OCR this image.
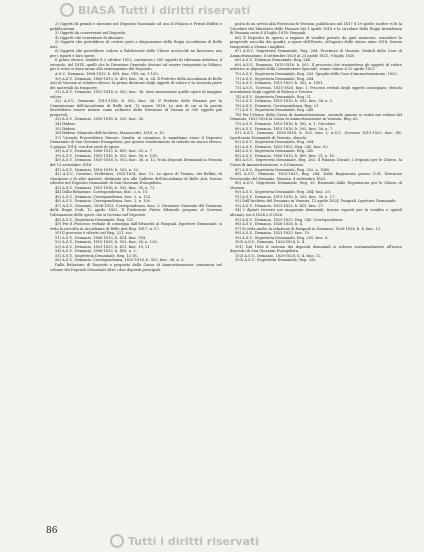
BIASA Tutti i diritti riservati

2) Oggetti di grandi e mezzani nel Deposito Nazionale ad uso di Palazzo e Privati Edifizi e pubblicazioni.

3) Oggetti da conservarsi nel Deposito.

4) Oggetti che convenisse di alienare.

5) Oggetti che potrebbero di cedere però a disposizione della Regia Accademia di Belle Arti.

6) Oggetti che potrebbero cedere a Fabbricerie delle Chiese acciocchè ne facessero uso per i riparti e loro opere.

Il primo elenco, redatto il 2 ottobre 1813, conteneva i 300 oggetti di rilevanza artistica; il secondo, del 1814, quelli che la Direzione Generale destinò ad essere trasportati in Milano; per il resto si dava mano alla sistemazione del Deposito.

A.S.V., Demanio, 1806-1813, b. 409, fasc. VIII, nn. 1-130.

30) A.S.V., Demanio, 1806-1813, b. 409, fasc. 36, n. 24. Il Prefetto della Accademia di Belle Arti di Venezia al relativo elenco: la prima divisione degli oggetti di valore e la seconda parte dei materiali da trasporre.

31) A.S.V., Demanio, 1815-1816, b. 502, fasc. 36. Sono menzionate quelle opere di maggior valore.

32) A.S.V., Demanio, 1815-1816, b. 502, fasc. 36. Il Prefetto delle Finanze per la Commissione dell'Accademia di Belle Arti, 12 marzo 1816. Le Arti di cui si fa parola dovrebbero essere inviate come richieste della Direzione di Vienna ai 300 oggetti più pregevoli.

33) A.S.V., Demanio, 1816-1818, b. 503, fasc. 36.

34) Ibidem.

35) Ibidem.

36) Ibidem. Memoria dell'Archivio, Manoscritti, 1816, n. 10.

37) Vicende Provveditore Dimore. Quadri, in cammino, lo mandiamo verso il Deposito Demaniale di San Giovanni Evangelista; per questo trasferimento fu redatto un nuovo elenco, 5 giugno 1814, con due serie di opere.

38) A.S.V., Demanio, 1806-1813, b. 409, fasc. 30, n. 7.

39) A.S.V., Demanio, 1815-1816, b. 502, fasc. 36, n. 138.

40) A.S.V., Demanio, 1815-1816, b. 502, fasc. 36, n. 12. Nota Depositi Demaniali in Venezia del 12 settembre 1816.

41) A.S.V., Demanio, 1816-1818, b. 503, n. 52.

42) A.S.V., Governo, Prefettura, 1823-1824, fasc. 12. Le opere di Tiziano, dei Bellini, di Giorgione e di altri maestri, destinate ora alle Gallerie dell'Accademia di Belle Arti, furono rilevate nel Deposito Demaniale di San Giovanni Evangelista.

43) A.S.V., Demanio, 1815-1816, b. 502, fasc. 36, n. 71.

44) Dalla Relazione, Corrispondenza, fasc. 2, n. 15.

45) A.S.V., Demanio, Corrispondenza, fasc. 2, n. 125.

46) A.S.V., Demanio, Corrispondenza, fasc. 2, n. 100.

47) A.S.V., Demanio, 1806-1813, Corrispondenza, fasc. 3. Direzione Generale del Demanio delle Regie Sedi, 12 aprile 1822. Il Professore Pietro Edwards propone al Governo l'alienazione delle opere che si trovano nel Deposito.

48) A.S.V., Segreteria Demaniale, Reg. 321.

49) Per il Processo verbale di consegna dall'Edwards al Pasquali, Ispettore Demaniale, si veda la raccolta in Accademia di Belle Arti Reg. 1817, n. 57.

50) Il processo è riferito nel Reg. 221, ecc.

51) A.S.V., Demanio, 1806-1813, b. 414, fasc. VIII.

52) A.S.V., Demanio, 1815-1816, b. 502, fasc. 36, n. 128.

53) A.S.V., Demanio, 1823-1825, b. 411, fasc. 19, 21.

54) A.S.V., Demanio, 1806-1813, b. 409, n. 2.

55) A.S.V., Segreteria Demaniale, Reg. 12-18.

56) A.S.V., Demanio, Corrispondenza, 1815-1816, b. 502, fasc. 36, n. 3.

Dalla Relazione di Depositi e proposta della Cassa di Ammortizzazione contenuta nel volume dei Depositi Demaniali oltre i due depositi principali.

posta di un avviso alla Provincia di Venezia, pubblicato nel 1817 il 29 aprile; inoltre vi fu la Circolare del Ministero delle Finanze dei 1 aprile 1818 e la circolare della Regia Intendenza di Finanza sotto il 4 luglio 1818: Pasquali.

66) Il Deposito fu aperto a ragione di vendite private da quel momento, essendovi la pregevole raccolta dei quadri; a spese dell'Erario, all'agosto dello stesso anno 1818, furono trasportati a Vienna i migliori.

67) A.S.V., Segreteria Demaniale, Reg. 264. Provincia di Venezia. Moduli delle Case di Ammortizzazione, 4 settembre 1820 al 23 aprile 1821, 9 luglio 1820.

68) A.S.V., Demanio Demaniale, Reg. 246.

69) A.S.V., Demanio, 1815-1816, b. 502. Il processo che trasmetteva gli oggetti di valore artistico ai depositi della Commissione Speciale, venne chiuso il 22 aprile 1823.

70) A.S.V., Segreteria Demaniale, Reg. 263. Spoglio delle Case d'Ammortizzazione, 1823.

71) A.S.V., Segreteria Demaniale, Reg. 264.

72) A.S.V., Demanio, 1815-1820, b. 502, n. 1891.

73) A.S.V., Governo, 1815-1820, fasc. I. Processi verbali degli oggetti consegnati; elenchi inventariati degli oggetti di Padova e Treviso.

74) A.S.V., Segreteria Demaniale, Reg. 21.

75) A.S.V., Demanio, 1815-1816, b. 502, fasc. 36, n. 2.

76) A.S.V., Demanio, Corrispondenza, Reg. 21.

77) A.S.V., Segreteria Demaniale, Reg. 248.

78) Per l'elenco della Cassa di Ammortizzazione, secondo quanto si vedrà nei volumi del Demanio, 1823-1826 la Cassa di Ammortizzazione in Venezia, Reg. 62.

79) A.S.V., Demanio, 1815-1816, b. 502, n. 1. Circolare.

80) A.S.V., Demanio, 1815-1816, b. 502, fasc. 36, n. 7.

81) A.S.V., Demanio, 1816-1818, b. 503, fasc. I; A.S.V., Governo 1815-1820, fasc. XX, Ispettorato Demaniale di Venezia, elenchi.

82) A.S.V., Segreteria Demaniale, Reg. 264.

83) A.S.V., Demanio, 1823-1825, Reg. 240, fasc. 82.

84) A.S.V., Segreteria Demaniale, Reg. 240.

85) A.S.V., Demanio, 1806-1813, b. 409, fasc. VI, n. 18.

86) A.S.V., Segreteria Demaniale, Reg. 263. Il Palazzo Ducale, i Depositi per le Chiese, la Cassa di Ammortizzazione, e il Demanio.

87) A.S.V., Segreteria Demaniale, Reg. 252, n. 1885.

88) A.S.V., Demanio, 1823-1825, Reg. 264. Dalla Ragioneria presso l'I.R. Direzione Provinciale del Demanio, Venezia, 4 settembre 1823.

89) A.S.V., Segreteria Demaniale, Reg. 35. Riassunti dalle Deputazioni per le Chiese di Venezia.

90) A.S.V., Segreteria Demaniale, Reg. 264; fasc. 20.

91) A.S.V., Demanio, 1815-1816, b. 502, fasc. 36, n. 17.

92) Dall'Archivio del Demanio in Venezia, 12 aprile 1824; Pasquali, Ispettore Demaniale.

93) A.S.V., Demanio, 1823-1825, b. 415, fasc. 27.

94) I dipinti ricevuti nei magazzini demaniali, furono esposti per la vendita e quindi alienati, tra il 1824 e il 1826.

95) A.S.V., Demanio, 1823-1825, Reg. 240. Corrispondenza.

96) A.S.V., Demanio, 1826-1828, b. 4.

97) Si veda anche la relazione di Pasquali in Demanio, 1826-1828, b. 4, fasc. 12.

98) A.S.V., Demanio, 1823-1825, fasc. 10.

99) A.S.V., Segreteria Demaniale, Reg. 250, fasc. 8.

100) A.S.V., Demanio, 1826-1828, b. 4.

101) Dal 1826 il sistema dei depositi demaniali si ridusse sostanzialmente all'unico deposito di San Giovanni Evangelista.

102) A.S.V., Demanio, 1826-1828, b. 4, fasc. 12.

103) A.S.V., Segreteria Demaniale, Reg. 250.

86
Tutti i diritti riservati
